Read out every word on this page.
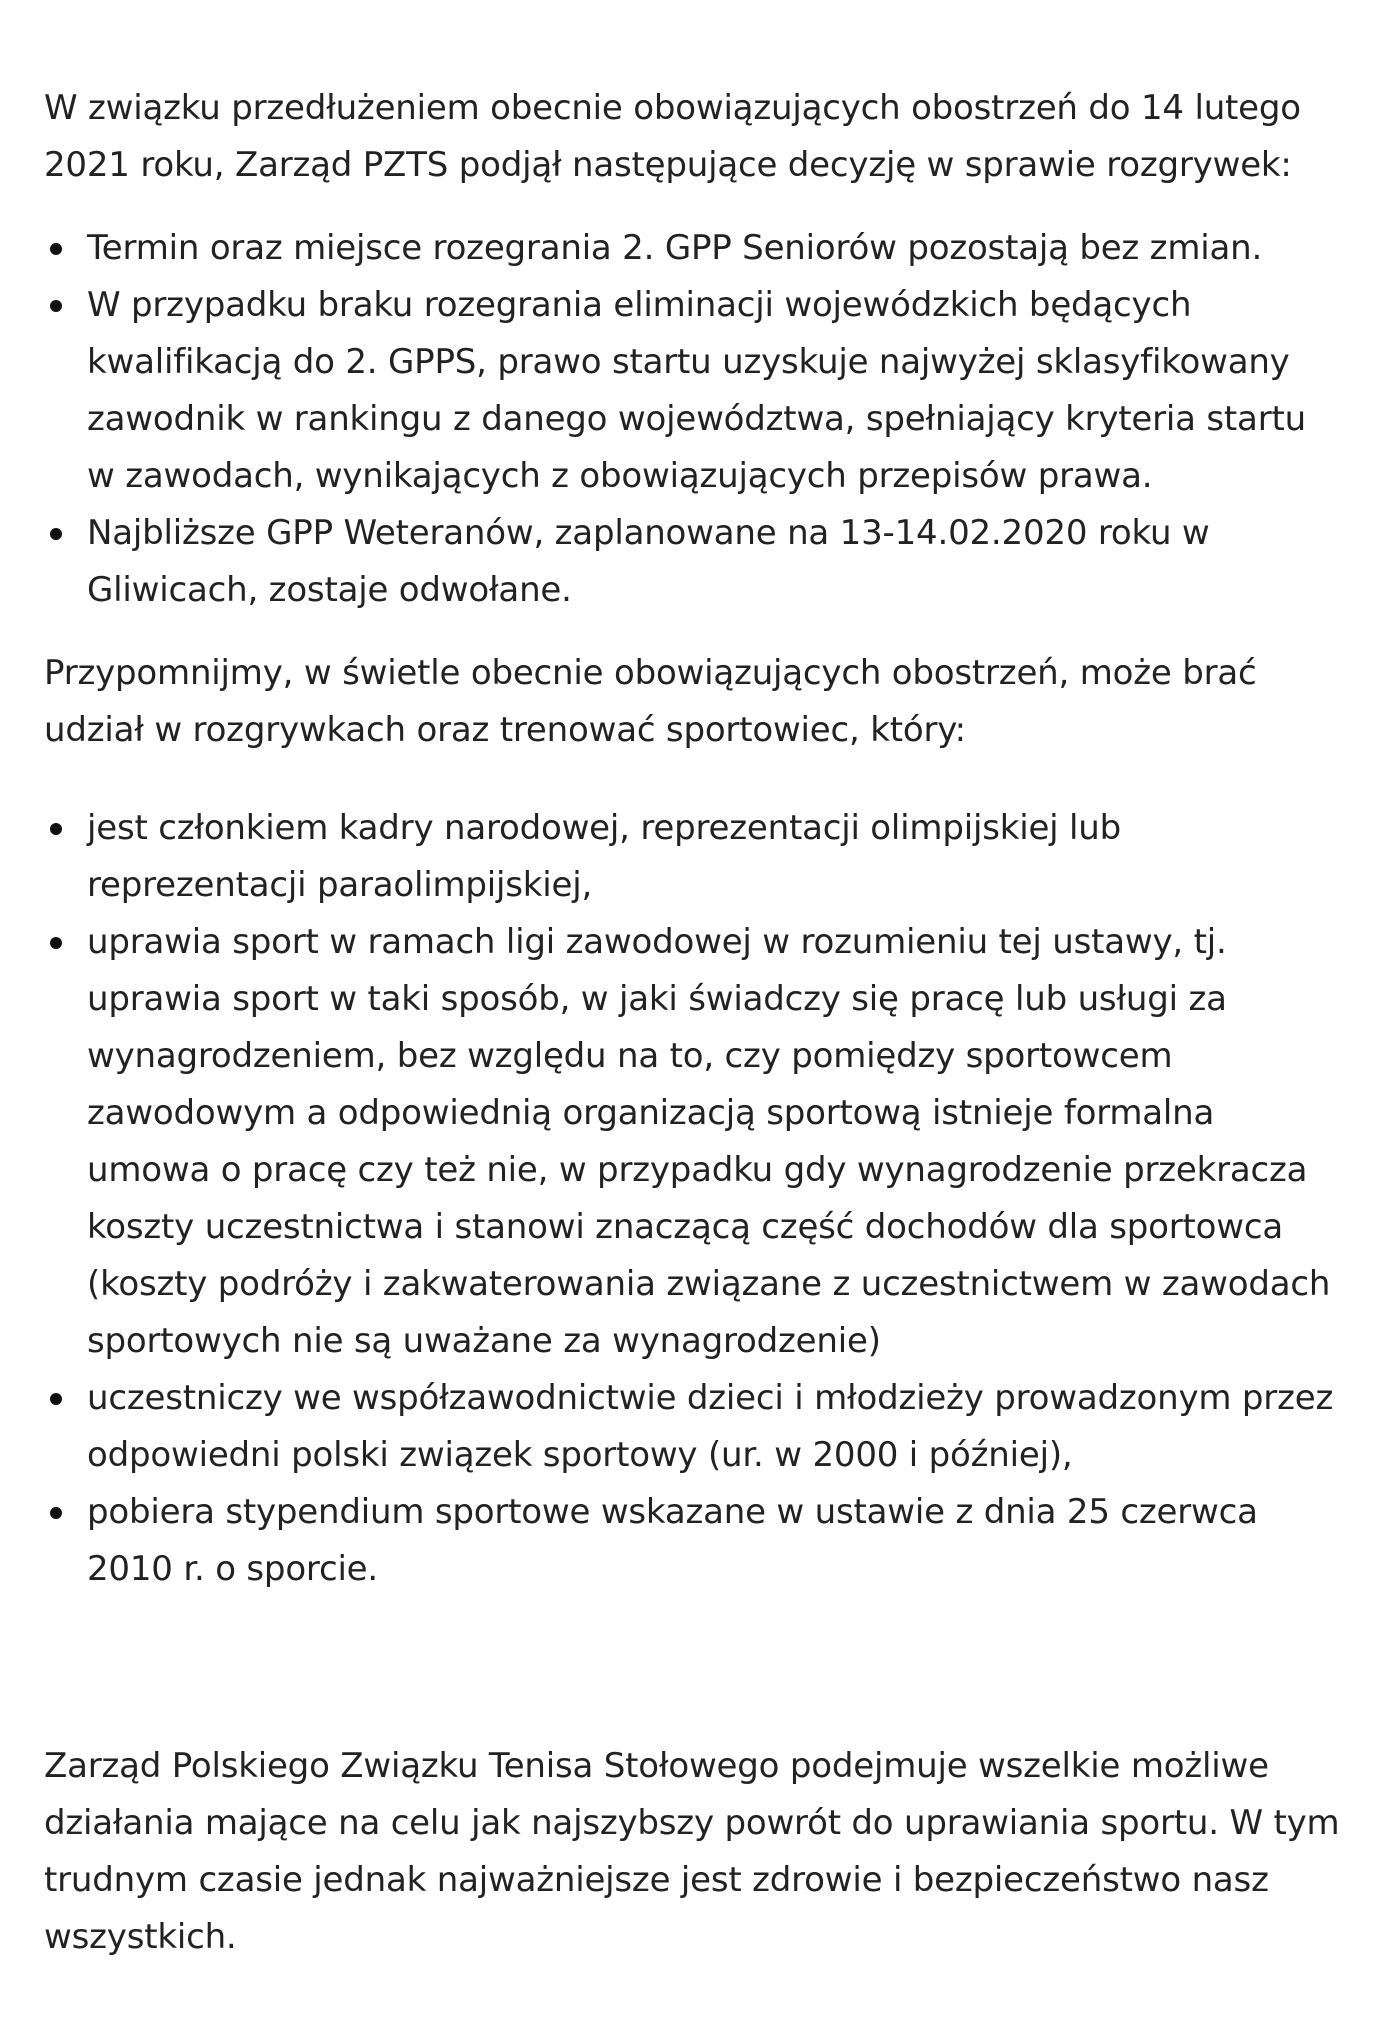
W związku przedłużeniem obecnie obowiązujących obostrzeń do 14 lutego 2021 roku, Zarząd PZTS podjął następujące decyzję w sprawie rozgrywek:

Termin oraz miejsce rozegrania 2. GPP Seniorów pozostają bez zmian.
W przypadku braku rozegrania eliminacji wojewódzkich będących kwalifikacją do 2. GPPS, prawo startu uzyskuje najwyżej sklasyfikowany zawodnik w rankingu z danego województwa, spełniający kryteria startu w zawodach, wynikających z obowiązujących przepisów prawa.
Najbliższe GPP Weteranów, zaplanowane na 13-14.02.2020 roku w Gliwicach, zostaje odwołane.

Przypomnijmy, w świetle obecnie obowiązujących obostrzeń, może brać udział w rozgrywkach oraz trenować sportowiec, który:

jest członkiem kadry narodowej, reprezentacji olimpijskiej lub reprezentacji paraolimpijskiej,
uprawia sport w ramach ligi zawodowej w rozumieniu tej ustawy, tj. uprawia sport w taki sposób, w jaki świadczy się pracę lub usługi za wynagrodzeniem, bez względu na to, czy pomiędzy sportowcem zawodowym a odpowiednią organizacją sportową istnieje formalna umowa o pracę czy też nie, w przypadku gdy wynagrodzenie przekracza koszty uczestnictwa i stanowi znaczącą część dochodów dla sportowca (koszty podróży i zakwaterowania związane z uczestnictwem w zawodach sportowych nie są uważane za wynagrodzenie)
uczestniczy we współzawodnictwie dzieci i młodzieży prowadzonym przez odpowiedni polski związek sportowy (ur. w 2000 i później),
pobiera stypendium sportowe wskazane w ustawie z dnia 25 czerwca 2010 r. o sporcie.

Zarząd Polskiego Związku Tenisa Stołowego podejmuje wszelkie możliwe działania mające na celu jak najszybszy powrót do uprawiania sportu. W tym trudnym czasie jednak najważniejsze jest zdrowie i bezpieczeństwo nasz wszystkich.
